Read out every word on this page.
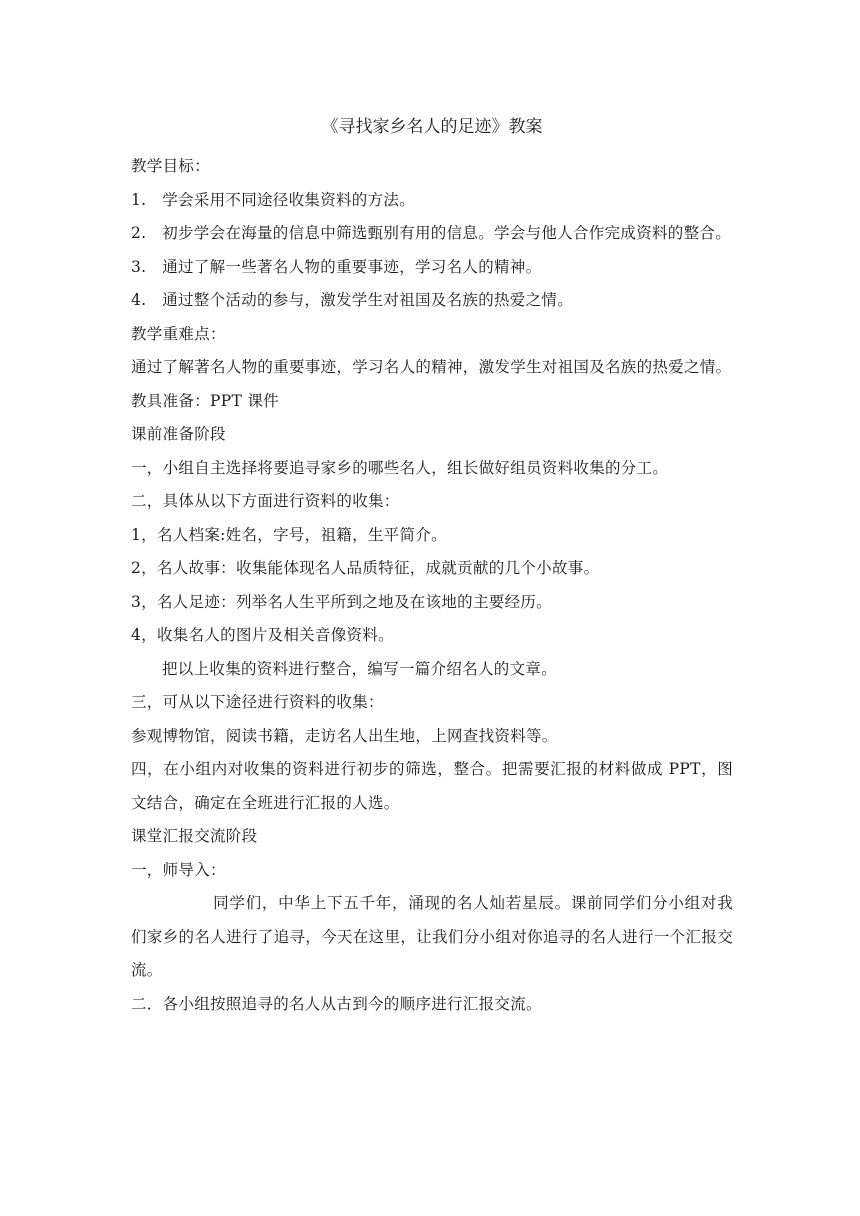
《寻找家乡名人的足迹》教案

教学目标：

1.　学会采用不同途径收集资料的方法。

2.　初步学会在海量的信息中筛选甄别有用的信息。学会与他人合作完成资料的整合。

3.　通过了解一些著名人物的重要事迹，学习名人的精神。

4.　通过整个活动的参与，激发学生对祖国及名族的热爱之情。

教学重难点：

通过了解著名人物的重要事迹，学习名人的精神，激发学生对祖国及名族的热爱之情。

教具准备：PPT 课件

课前准备阶段

一，小组自主选择将要追寻家乡的哪些名人，组长做好组员资料收集的分工。

二，具体从以下方面进行资料的收集：

1，名人档案:姓名，字号，祖籍，生平简介。

2，名人故事：收集能体现名人品质特征，成就贡献的几个小故事。

3，名人足迹：列举名人生平所到之地及在该地的主要经历。

4，收集名人的图片及相关音像资料。

把以上收集的资料进行整合，编写一篇介绍名人的文章。

三，可从以下途径进行资料的收集：

参观博物馆，阅读书籍，走访名人出生地，上网查找资料等。

四，在小组内对收集的资料进行初步的筛选，整合。把需要汇报的材料做成 PPT，图文结合，确定在全班进行汇报的人选。

课堂汇报交流阶段

一，师导入：

同学们，中华上下五千年，涌现的名人灿若星辰。课前同学们分小组对我们家乡的名人进行了追寻，今天在这里，让我们分小组对你追寻的名人进行一个汇报交流。

二．各小组按照追寻的名人从古到今的顺序进行汇报交流。
